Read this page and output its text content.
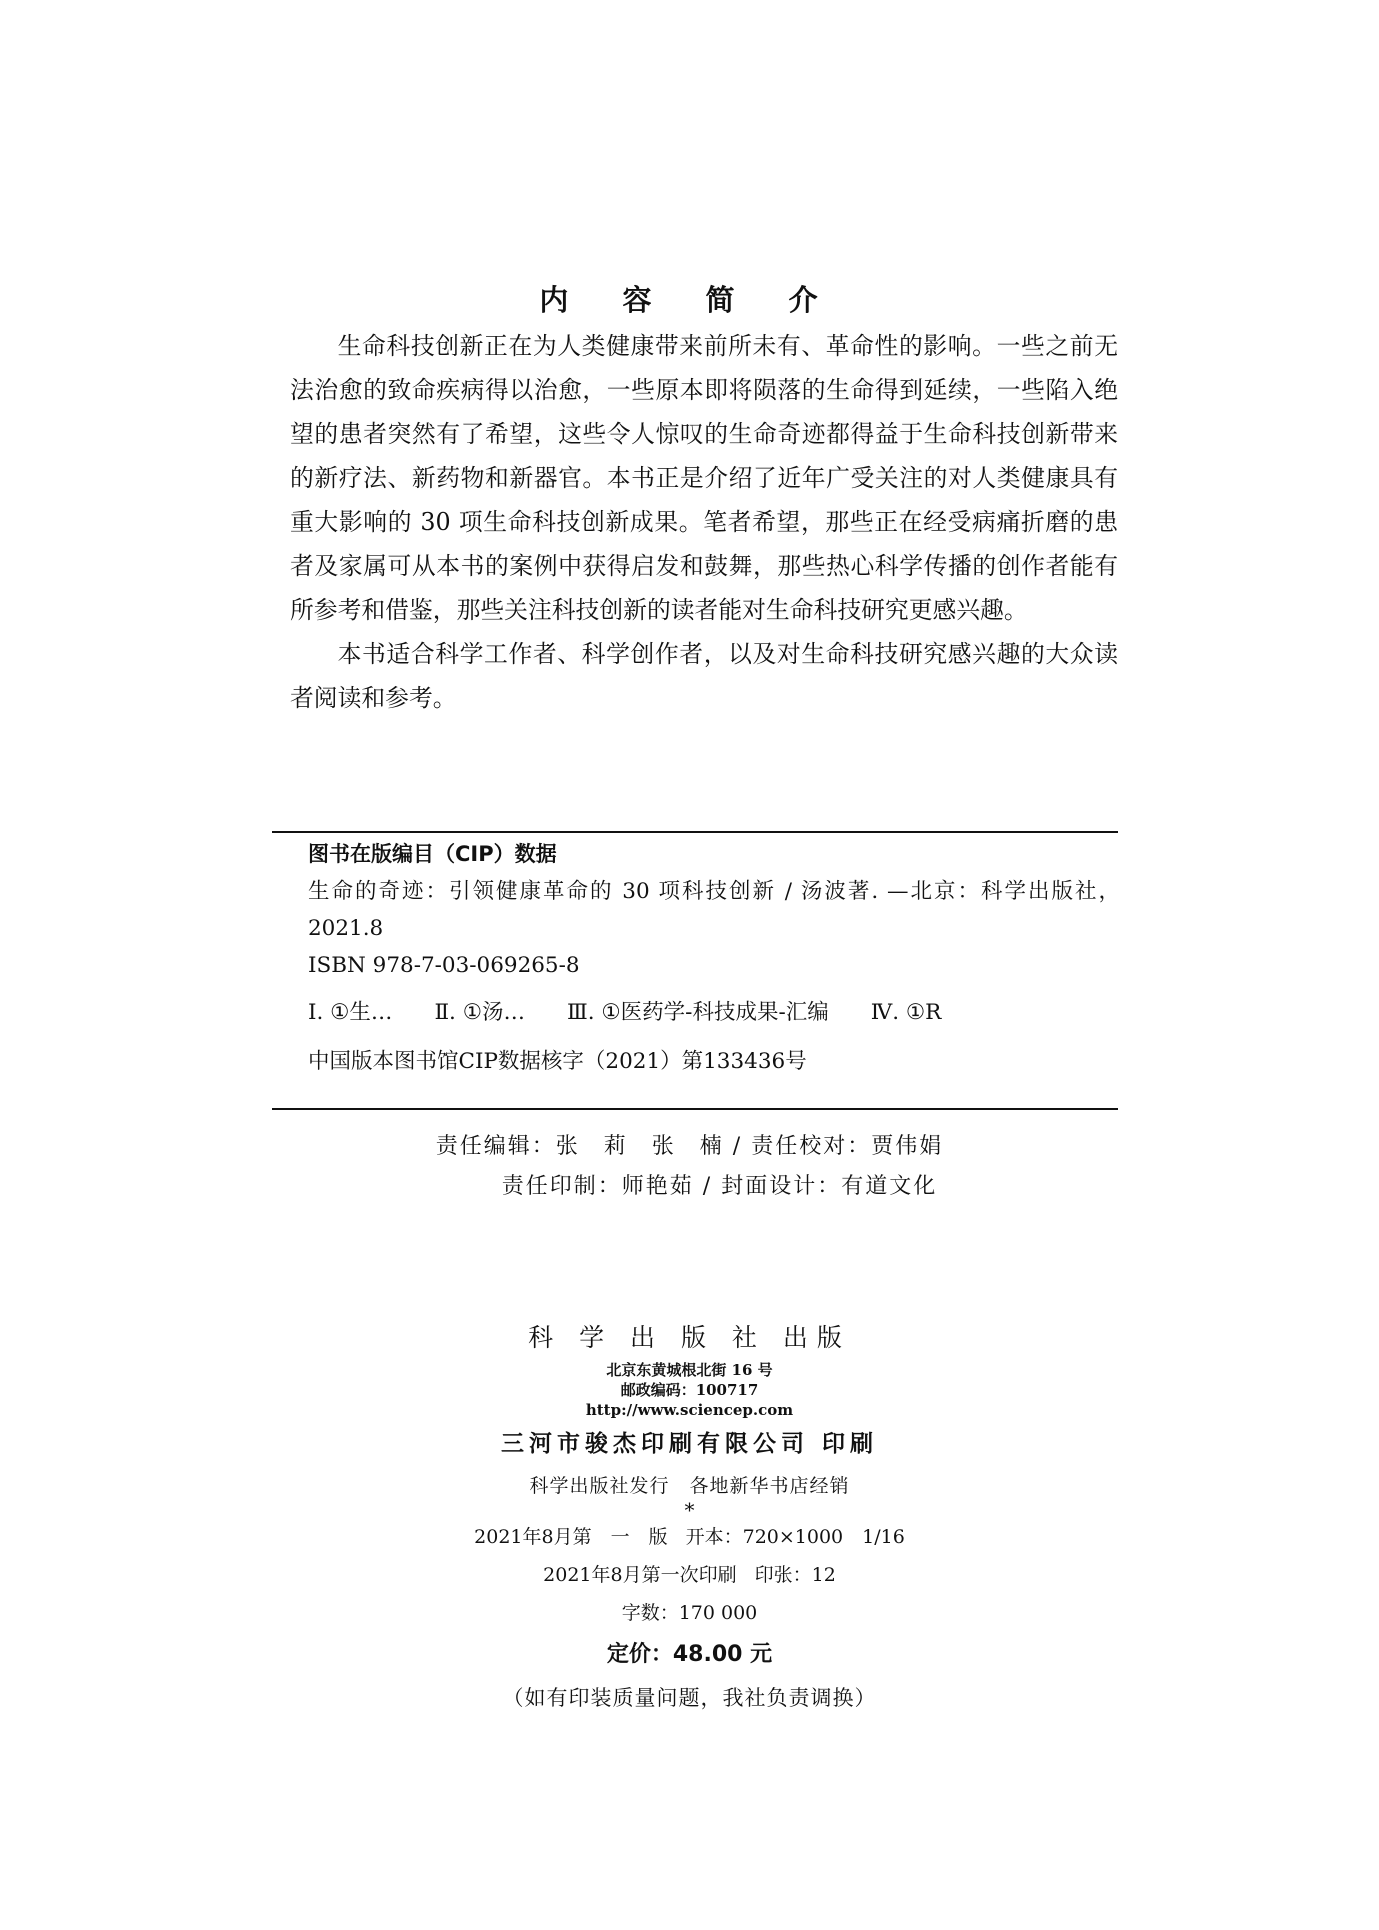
内 容 简 介

生命科技创新正在为人类健康带来前所未有、革命性的影响。一些之前无法治愈的致命疾病得以治愈，一些原本即将陨落的生命得到延续，一些陷入绝望的患者突然有了希望，这些令人惊叹的生命奇迹都得益于生命科技创新带来的新疗法、新药物和新器官。本书正是介绍了近年广受关注的对人类健康具有重大影响的 30 项生命科技创新成果。笔者希望，那些正在经受病痛折磨的患者及家属可从本书的案例中获得启发和鼓舞，那些热心科学传播的创作者能有所参考和借鉴，那些关注科技创新的读者能对生命科技研究更感兴趣。

本书适合科学工作者、科学创作者，以及对生命科技研究感兴趣的大众读者阅读和参考。

图书在版编目（CIP）数据
生命的奇迹：引领健康革命的 30 项科技创新 / 汤波著. —北京：科学出版社，2021.8
ISBN 978-7-03-069265-8
Ⅰ. ①生… Ⅱ. ①汤… Ⅲ. ①医药学-科技成果-汇编 Ⅳ. ①R
中国版本图书馆CIP数据核字（2021）第133436号
责任编辑：张　莉　张　楠 / 责任校对：贾伟娟
责任印制：师艳茹 / 封面设计：有道文化
科 学 出 版 社 出版
北京东黄城根北街 16 号
邮政编码：100717
http://www.sciencep.com
三河市骏杰印刷有限公司 印刷
科学出版社发行　各地新华书店经销
*
2021年8月第　一　版 开本：720×1000　1/16
2021年8月第一次印刷 印张：12
字数：170 000
定价：48.00 元
（如有印装质量问题，我社负责调换）
